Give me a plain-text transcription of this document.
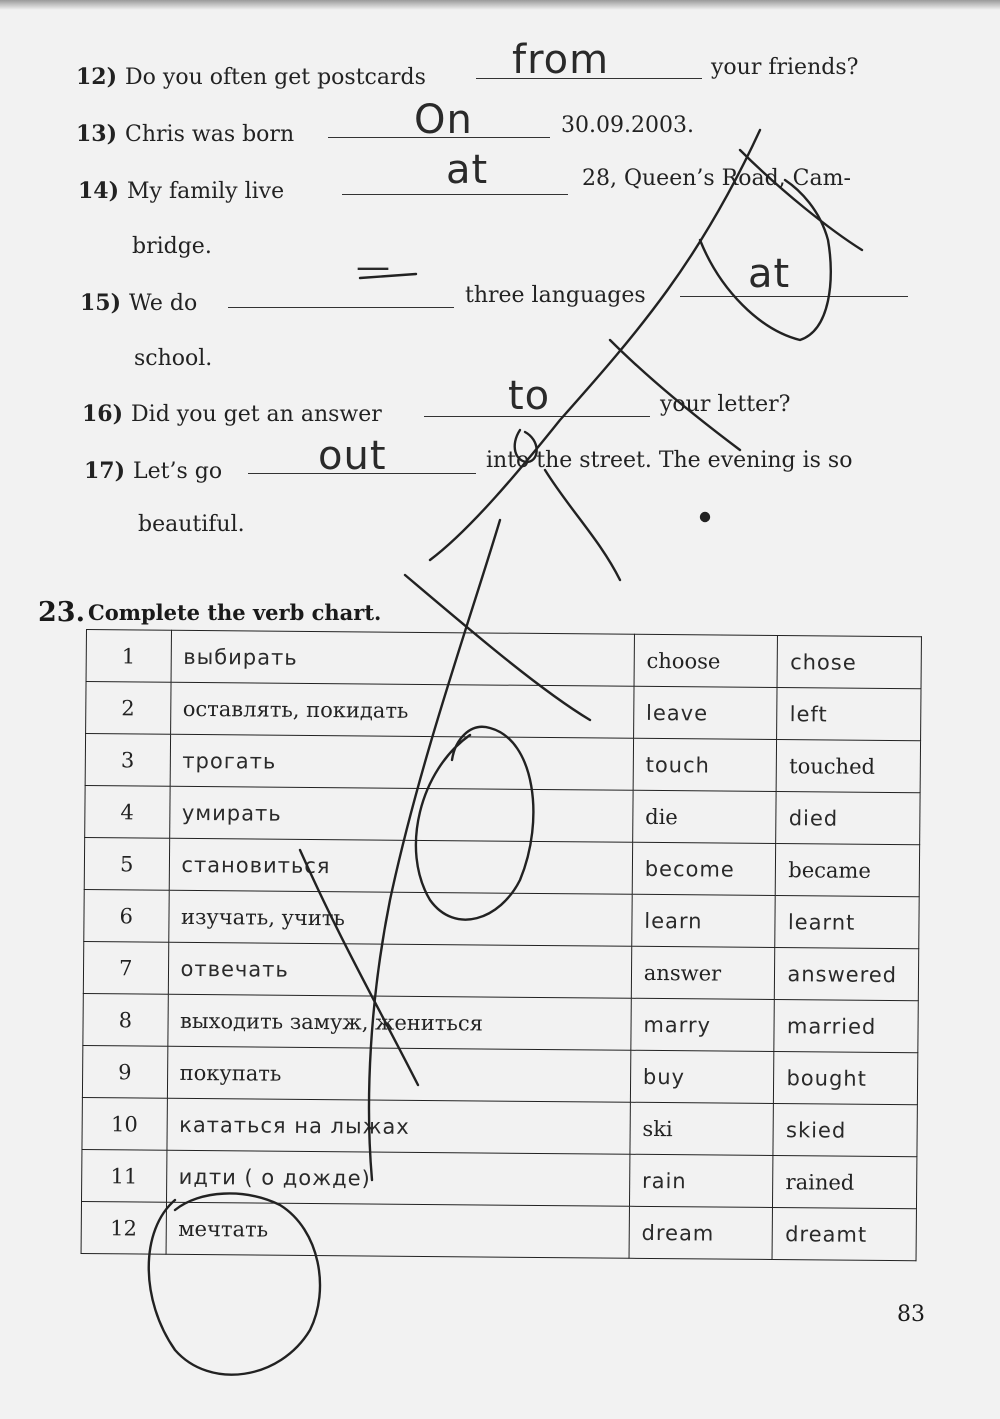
12) Do you often get postcards from	your friends?
13) Chris was born	On	30.09.2003.
14) My family live	at	28, Queen’s Road, Cam-
bridge.
15) We do
—
three languages	at
school.
16) Did you get an answer	to	your letter?
17) Let’s go out	into the street. The evening is so
beautiful.
23. Complete the verb chart.
1	выбирать	choose	chose
2	оставлять, покидать	leave	left
3	трогать	touch	touched
4	умирать	die	died
5	становиться	become	became
6	изучать, учить	learn	learnt
7	отвечать	answer	answered
8	выходить замуж, жениться	marry	married
9	покупать	buy	bought
10	кататься на лыжах	ski	skied
11	идти ( о дожде)	rain	rained
12	мечтать	dream	dreamt
83
